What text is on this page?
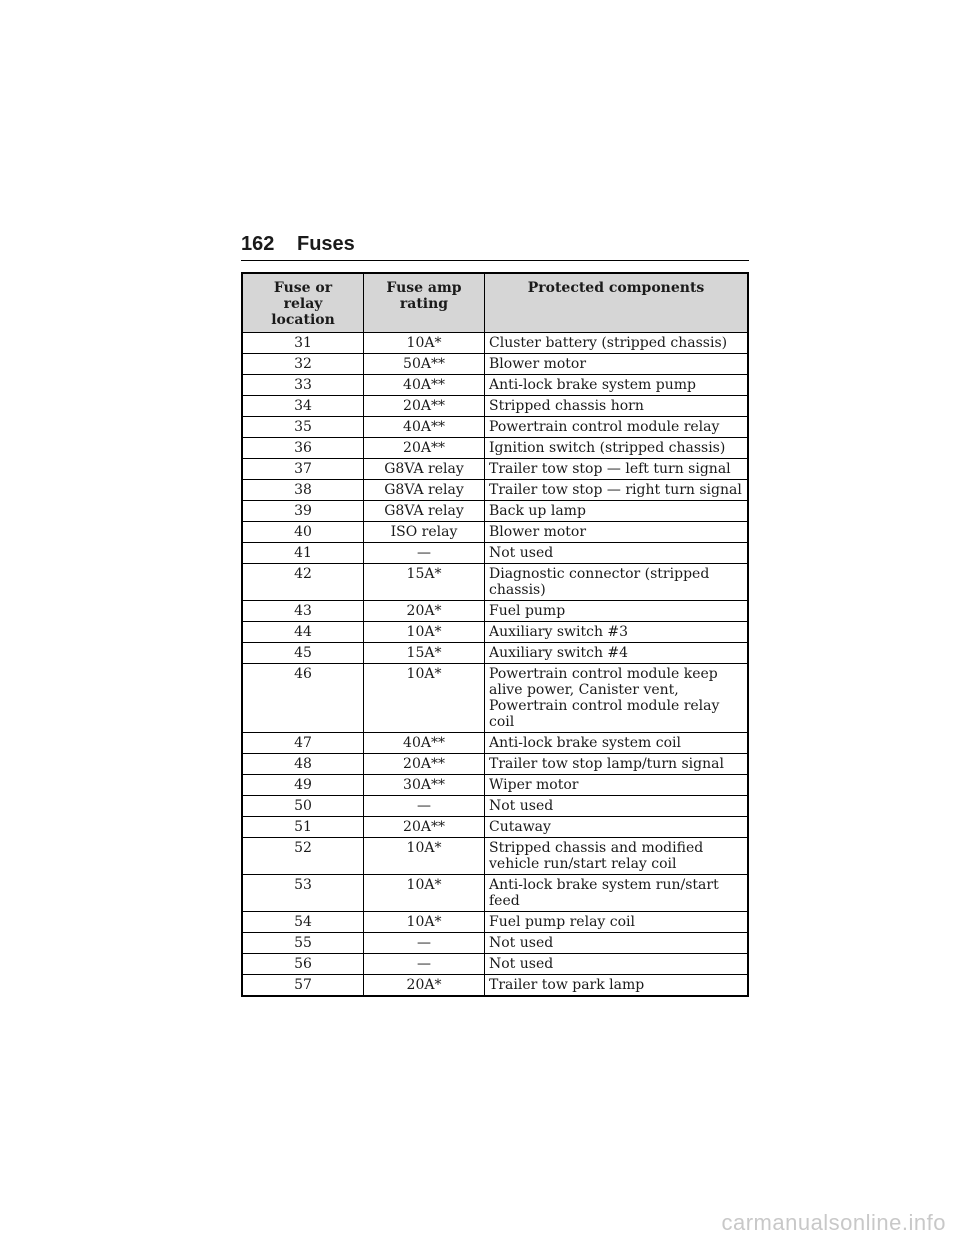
162 Fuses
Fuse or relay location	Fuse amp rating	Protected components
31	10A*	Cluster battery (stripped chassis)
32	50A**	Blower motor
33	40A**	Anti-lock brake system pump
34	20A**	Stripped chassis horn
35	40A**	Powertrain control module relay
36	20A**	Ignition switch (stripped chassis)
37	G8VA relay	Trailer tow stop — left turn signal
38	G8VA relay	Trailer tow stop — right turn signal
39	G8VA relay	Back up lamp
40	ISO relay	Blower motor
41	—	Not used
42	15A*	Diagnostic connector (stripped
chassis)
43	20A*	Fuel pump
44	10A*	Auxiliary switch #3
45	15A*	Auxiliary switch #4
46	10A*	Powertrain control module keep
alive power, Canister vent,
Powertrain control module relay coil
47	40A**	Anti-lock brake system coil
48	20A**	Trailer tow stop lamp/turn signal
49	30A**	Wiper motor
50	—	Not used
51	20A**	Cutaway
52	10A*	Stripped chassis and modified
vehicle run/start relay coil
53	10A*	Anti-lock brake system run/start
feed
54	10A*	Fuel pump relay coil
55	—	Not used
56	—	Not used
57	20A*	Trailer tow park lamp
carmanualsonline.info
